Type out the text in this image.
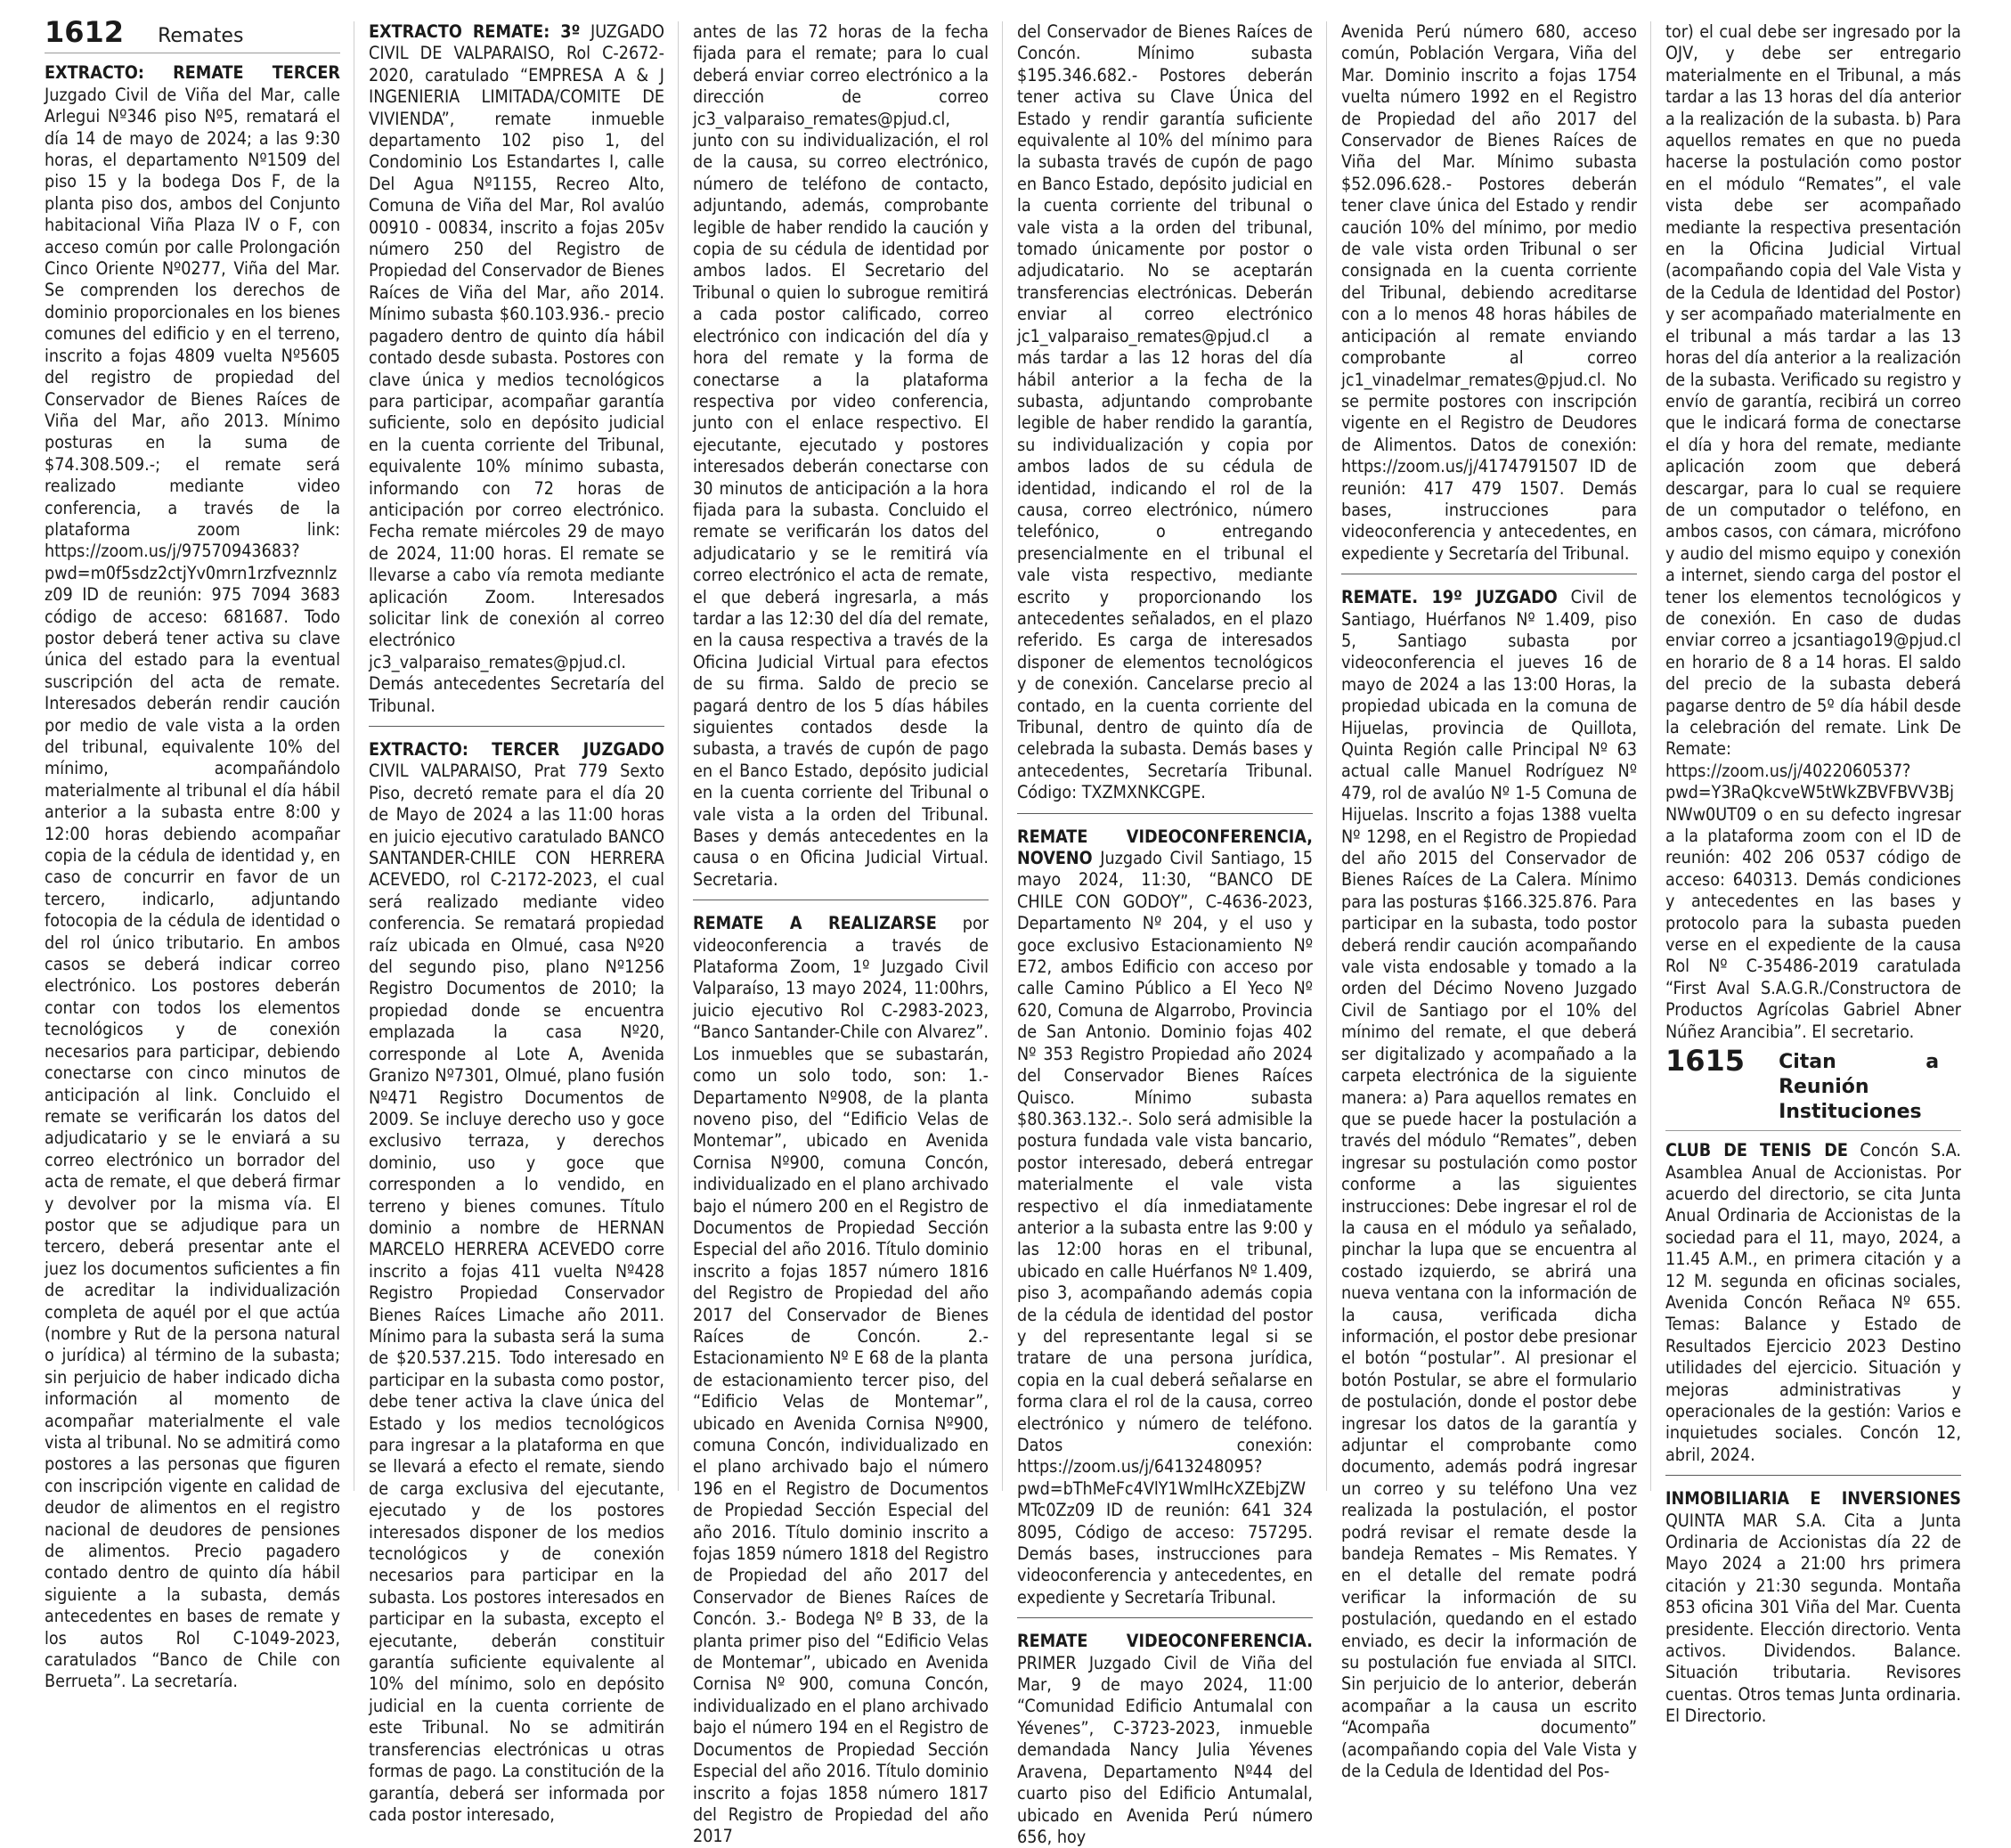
1612 Remates

EXTRACTO: REMATE TERCER Juzgado Civil de Viña del Mar, calle Arlegui Nº346 piso Nº5, rematará el día 14 de mayo de 2024; a las 9:30 horas, el departamento Nº1509 del piso 15 y la bodega Dos F, de la planta piso dos, ambos del Conjunto habitacional Viña Plaza IV o F, con acceso común por calle Prolongación Cinco Oriente Nº0277, Viña del Mar. Se comprenden los derechos de dominio proporcionales en los bienes comunes del edificio y en el terreno, inscrito a fojas 4809 vuelta Nº5605 del registro de propiedad del Conservador de Bienes Raíces de Viña del Mar, año 2013. Mínimo posturas en la suma de $74.308.509.-; el remate será realizado mediante video conferencia, a través de la plataforma zoom link: https://zoom.us/j/97570943683?pwd=m0f5sdz2ctjYv0mrn1rzfveznnlzz09 ID de reunión: 975 7094 3683 código de acceso: 681687. Todo postor deberá tener activa su clave única del estado para la eventual suscripción del acta de remate. Interesados deberán rendir caución por medio de vale vista a la orden del tribunal, equivalente 10% del mínimo, acompañándolo materialmente al tribunal el día hábil anterior a la subasta entre 8:00 y 12:00 horas debiendo acompañar copia de la cédula de identidad y, en caso de concurrir en favor de un tercero, indicarlo, adjuntando fotocopia de la cédula de identidad o del rol único tributario. En ambos casos se deberá indicar correo electrónico. Los postores deberán contar con todos los elementos tecnológicos y de conexión necesarios para participar, debiendo conectarse con cinco minutos de anticipación al link. Concluido el remate se verificarán los datos del adjudicatario y se le enviará a su correo electrónico un borrador del acta de remate, el que deberá firmar y devolver por la misma vía. El postor que se adjudique para un tercero, deberá presentar ante el juez los documentos suficientes a fin de acreditar la individualización completa de aquél por el que actúa (nombre y Rut de la persona natural o jurídica) al término de la subasta; sin perjuicio de haber indicado dicha información al momento de acompañar materialmente el vale vista al tribunal. No se admitirá como postores a las personas que figuren con inscripción vigente en calidad de deudor de alimentos en el registro nacional de deudores de pensiones de alimentos. Precio pagadero contado dentro de quinto día hábil siguiente a la subasta, demás antecedentes en bases de remate y los autos Rol C-1049-2023, caratulados “Banco de Chile con Berrueta”. La secretaría.

EXTRACTO REMATE: 3º JUZGADO CIVIL DE VALPARAISO, Rol C-2672-2020, caratulado “EMPRESA A & J INGENIERIA LIMITADA/COMITE DE VIVIENDA”, remate inmueble departamento 102 piso 1, del Condominio Los Estandartes I, calle Del Agua Nº1155, Recreo Alto, Comuna de Viña del Mar, Rol avalúo 00910 - 00834, inscrito a fojas 205v número 250 del Registro de Propiedad del Conservador de Bienes Raíces de Viña del Mar, año 2014. Mínimo subasta $60.103.936.- precio pagadero dentro de quinto día hábil contado desde subasta. Postores con clave única y medios tecnológicos para participar, acompañar garantía suficiente, solo en depósito judicial en la cuenta corriente del Tribunal, equivalente 10% mínimo subasta, informando con 72 horas de anticipación por correo electrónico. Fecha remate miércoles 29 de mayo de 2024, 11:00 horas. El remate se llevarse a cabo vía remota mediante aplicación Zoom. Interesados solicitar link de conexión al correo electrónico jc3_valparaiso_remates@pjud.cl. Demás antecedentes Secretaría del Tribunal.

EXTRACTO: TERCER JUZGADO CIVIL VALPARAISO, Prat 779 Sexto Piso, decretó remate para el día 20 de Mayo de 2024 a las 11:00 horas en juicio ejecutivo caratulado BANCO SANTANDER-CHILE CON HERRERA ACEVEDO, rol C-2172-2023, el cual será realizado mediante video conferencia. Se rematará propiedad raíz ubicada en Olmué, casa Nº20 del segundo piso, plano Nº1256 Registro Documentos de 2010; la propiedad donde se encuentra emplazada la casa Nº20, corresponde al Lote A, Avenida Granizo Nº7301, Olmué, plano fusión Nº471 Registro Documentos de 2009. Se incluye derecho uso y goce exclusivo terraza, y derechos dominio, uso y goce que corresponden a lo vendido, en terreno y bienes comunes. Título dominio a nombre de HERNAN MARCELO HERRERA ACEVEDO corre inscrito a fojas 411 vuelta Nº428 Registro Propiedad Conservador Bienes Raíces Limache año 2011. Mínimo para la subasta será la suma de $20.537.215. Todo interesado en participar en la subasta como postor, debe tener activa la clave única del Estado y los medios tecnológicos para ingresar a la plataforma en que se llevará a efecto el remate, siendo de carga exclusiva del ejecutante, ejecutado y de los postores interesados disponer de los medios tecnológicos y de conexión necesarios para participar en la subasta. Los postores interesados en participar en la subasta, excepto el ejecutante, deberán constituir garantía suficiente equivalente al 10% del mínimo, solo en depósito judicial en la cuenta corriente de este Tribunal. No se admitirán transferencias electrónicas u otras formas de pago. La constitución de la garantía, deberá ser informada por cada postor interesado,

antes de las 72 horas de la fecha fijada para el remate; para lo cual deberá enviar correo electrónico a la dirección de correo jc3_valparaiso_remates@pjud.cl, junto con su individualización, el rol de la causa, su correo electrónico, número de teléfono de contacto, adjuntando, además, comprobante legible de haber rendido la caución y copia de su cédula de identidad por ambos lados. El Secretario del Tribunal o quien lo subrogue remitirá a cada postor calificado, correo electrónico con indicación del día y hora del remate y la forma de conectarse a la plataforma respectiva por video conferencia, junto con el enlace respectivo. El ejecutante, ejecutado y postores interesados deberán conectarse con 30 minutos de anticipación a la hora fijada para la subasta. Concluido el remate se verificarán los datos del adjudicatario y se le remitirá vía correo electrónico el acta de remate, el que deberá ingresarla, a más tardar a las 12:30 del día del remate, en la causa respectiva a través de la Oficina Judicial Virtual para efectos de su firma. Saldo de precio se pagará dentro de los 5 días hábiles siguientes contados desde la subasta, a través de cupón de pago en el Banco Estado, depósito judicial en la cuenta corriente del Tribunal o vale vista a la orden del Tribunal. Bases y demás antecedentes en la causa o en Oficina Judicial Virtual. Secretaria.

REMATE A REALIZARSE por videoconferencia a través de Plataforma Zoom, 1º Juzgado Civil Valparaíso, 13 mayo 2024, 11:00hrs, juicio ejecutivo Rol C-2983-2023, “Banco Santander-Chile con Alvarez”. Los inmuebles que se subastarán, como un solo todo, son: 1.- Departamento Nº908, de la planta noveno piso, del “Edificio Velas de Montemar”, ubicado en Avenida Cornisa Nº900, comuna Concón, individualizado en el plano archivado bajo el número 200 en el Registro de Documentos de Propiedad Sección Especial del año 2016. Título dominio inscrito a fojas 1857 número 1816 del Registro de Propiedad del año 2017 del Conservador de Bienes Raíces de Concón. 2.- Estacionamiento Nº E 68 de la planta de estacionamiento tercer piso, del “Edificio Velas de Montemar”, ubicado en Avenida Cornisa Nº900, comuna Concón, individualizado en el plano archivado bajo el número 196 en el Registro de Documentos de Propiedad Sección Especial del año 2016. Título dominio inscrito a fojas 1859 número 1818 del Registro de Propiedad del año 2017 del Conservador de Bienes Raíces de Concón. 3.- Bodega Nº B 33, de la planta primer piso del “Edificio Velas de Montemar”, ubicado en Avenida Cornisa Nº 900, comuna Concón, individualizado en el plano archivado bajo el número 194 en el Registro de Documentos de Propiedad Sección Especial del año 2016. Título dominio inscrito a fojas 1858 número 1817 del Registro de Propiedad del año 2017

del Conservador de Bienes Raíces de Concón. Mínimo subasta $195.346.682.- Postores deberán tener activa su Clave Única del Estado y rendir garantía suficiente equivalente al 10% del mínimo para la subasta través de cupón de pago en Banco Estado, depósito judicial en la cuenta corriente del tribunal o vale vista a la orden del tribunal, tomado únicamente por postor o adjudicatario. No se aceptarán transferencias electrónicas. Deberán enviar al correo electrónico jc1_valparaiso_remates@pjud.cl a más tardar a las 12 horas del día hábil anterior a la fecha de la subasta, adjuntando comprobante legible de haber rendido la garantía, su individualización y copia por ambos lados de su cédula de identidad, indicando el rol de la causa, correo electrónico, número telefónico, o entregando presencialmente en el tribunal el vale vista respectivo, mediante escrito y proporcionando los antecedentes señalados, en el plazo referido. Es carga de interesados disponer de elementos tecnológicos y de conexión. Cancelarse precio al contado, en la cuenta corriente del Tribunal, dentro de quinto día de celebrada la subasta. Demás bases y antecedentes, Secretaría Tribunal. Código: TXZMXNKCGPE.

REMATE VIDEOCONFERENCIA, NOVENO Juzgado Civil Santiago, 15 mayo 2024, 11:30, “BANCO DE CHILE CON GODOY”, C-4636-2023, Departamento Nº 204, y el uso y goce exclusivo Estacionamiento Nº E72, ambos Edificio con acceso por calle Camino Público a El Yeco Nº 620, Comuna de Algarrobo, Provincia de San Antonio. Dominio fojas 402 Nº 353 Registro Propiedad año 2024 del Conservador Bienes Raíces Quisco. Mínimo subasta $80.363.132.-. Solo será admisible la postura fundada vale vista bancario, postor interesado, deberá entregar materialmente el vale vista respectivo el día inmediatamente anterior a la subasta entre las 9:00 y las 12:00 horas en el tribunal, ubicado en calle Huérfanos Nº 1.409, piso 3, acompañando además copia de la cédula de identidad del postor y del representante legal si se tratare de una persona jurídica, copia en la cual deberá señalarse en forma clara el rol de la causa, correo electrónico y número de teléfono. Datos conexión: https://zoom.us/j/6413248095?pwd=bThMeFc4VlY1WmlHcXZEbjZWMTc0Zz09 ID de reunión: 641 324 8095, Código de acceso: 757295. Demás bases, instrucciones para videoconferencia y antecedentes, en expediente y Secretaría Tribunal.

REMATE VIDEOCONFERENCIA. PRIMER Juzgado Civil de Viña del Mar, 9 de mayo 2024, 11:00 “Comunidad Edificio Antumalal con Yévenes”, C-3723-2023, inmueble demandada Nancy Julia Yévenes Aravena, Departamento Nº44 del cuarto piso del Edificio Antumalal, ubicado en Avenida Perú número 656, hoy

Avenida Perú número 680, acceso común, Población Vergara, Viña del Mar. Dominio inscrito a fojas 1754 vuelta número 1992 en el Registro de Propiedad del año 2017 del Conservador de Bienes Raíces de Viña del Mar. Mínimo subasta $52.096.628.- Postores deberán tener clave única del Estado y rendir caución 10% del mínimo, por medio de vale vista orden Tribunal o ser consignada en la cuenta corriente del Tribunal, debiendo acreditarse con a lo menos 48 horas hábiles de anticipación al remate enviando comprobante al correo jc1_vinadelmar_remates@pjud.cl. No se permite postores con inscripción vigente en el Registro de Deudores de Alimentos. Datos de conexión: https://zoom.us/j/4174791507 ID de reunión: 417 479 1507. Demás bases, instrucciones para videoconferencia y antecedentes, en expediente y Secretaría del Tribunal.

REMATE. 19º JUZGADO Civil de Santiago, Huérfanos Nº 1.409, piso 5, Santiago subasta por videoconferencia el jueves 16 de mayo de 2024 a las 13:00 Horas, la propiedad ubicada en la comuna de Hijuelas, provincia de Quillota, Quinta Región calle Principal Nº 63 actual calle Manuel Rodríguez Nº 479, rol de avalúo Nº 1-5 Comuna de Hijuelas. Inscrito a fojas 1388 vuelta Nº 1298, en el Registro de Propiedad del año 2015 del Conservador de Bienes Raíces de La Calera. Mínimo para las posturas $166.325.876. Para participar en la subasta, todo postor deberá rendir caución acompañando vale vista endosable y tomado a la orden del Décimo Noveno Juzgado Civil de Santiago por el 10% del mínimo del remate, el que deberá ser digitalizado y acompañado a la carpeta electrónica de la siguiente manera: a) Para aquellos remates en que se puede hacer la postulación a través del módulo “Remates”, deben ingresar su postulación como postor conforme a las siguientes instrucciones: Debe ingresar el rol de la causa en el módulo ya señalado, pinchar la lupa que se encuentra al costado izquierdo, se abrirá una nueva ventana con la información de la causa, verificada dicha información, el postor debe presionar el botón “postular”. Al presionar el botón Postular, se abre el formulario de postulación, donde el postor debe ingresar los datos de la garantía y adjuntar el comprobante como documento, además podrá ingresar un correo y su teléfono Una vez realizada la postulación, el postor podrá revisar el remate desde la bandeja Remates – Mis Remates. Y en el detalle del remate podrá verificar la información de su postulación, quedando en el estado enviado, es decir la información de su postulación fue enviada al SITCI. Sin perjuicio de lo anterior, deberán acompañar a la causa un escrito “Acompaña documento” (acompañando copia del Vale Vista y de la Cedula de Identidad del Pos-

tor) el cual debe ser ingresado por la OJV, y debe ser entregario materialmente en el Tribunal, a más tardar a las 13 horas del día anterior a la realización de la subasta. b) Para aquellos remates en que no pueda hacerse la postulación como postor en el módulo “Remates”, el vale vista debe ser acompañado mediante la respectiva presentación en la Oficina Judicial Virtual (acompañando copia del Vale Vista y de la Cedula de Identidad del Postor) y ser acompañado materialmente en el tribunal a más tardar a las 13 horas del día anterior a la realización de la subasta. Verificado su registro y envío de garantía, recibirá un correo que le indicará forma de conectarse el día y hora del remate, mediante aplicación zoom que deberá descargar, para lo cual se requiere de un computador o teléfono, en ambos casos, con cámara, micrófono y audio del mismo equipo y conexión a internet, siendo carga del postor el tener los elementos tecnológicos y de conexión. En caso de dudas enviar correo a jcsantiago19@pjud.cl en horario de 8 a 14 horas. El saldo del precio de la subasta deberá pagarse dentro de 5º día hábil desde la celebración del remate. Link De Remate: https://zoom.us/j/4022060537?pwd=Y3RaQkcveW5tWkZBVFBVV3BjNWw0UT09 o en su defecto ingresar a la plataforma zoom con el ID de reunión: 402 206 0537 código de acceso: 640313. Demás condiciones y antecedentes en las bases y protocolo para la subasta pueden verse en el expediente de la causa Rol Nº C-35486-2019 caratulada “First Aval S.A.G.R./Constructora de Productos Agrícolas Gabriel Abner Núñez Arancibia”. El secretario.

1615 Citan a Reunión Instituciones

CLUB DE TENIS DE Concón S.A. Asamblea Anual de Accionistas. Por acuerdo del directorio, se cita Junta Anual Ordinaria de Accionistas de la sociedad para el 11, mayo, 2024, a 11.45 A.M., en primera citación y a 12 M. segunda en oficinas sociales, Avenida Concón Reñaca Nº 655. Temas: Balance y Estado de Resultados Ejercicio 2023 Destino utilidades del ejercicio. Situación y mejoras administrativas y operacionales de la gestión: Varios e inquietudes sociales. Concón 12, abril, 2024.

INMOBILIARIA E INVERSIONES QUINTA MAR S.A. Cita a Junta Ordinaria de Accionistas día 22 de Mayo 2024 a 21:00 hrs primera citación y 21:30 segunda. Montaña 853 oficina 301 Viña del Mar. Cuenta presidente. Elección directorio. Venta activos. Dividendos. Balance. Situación tributaria. Revisores cuentas. Otros temas Junta ordinaria. El Directorio.
